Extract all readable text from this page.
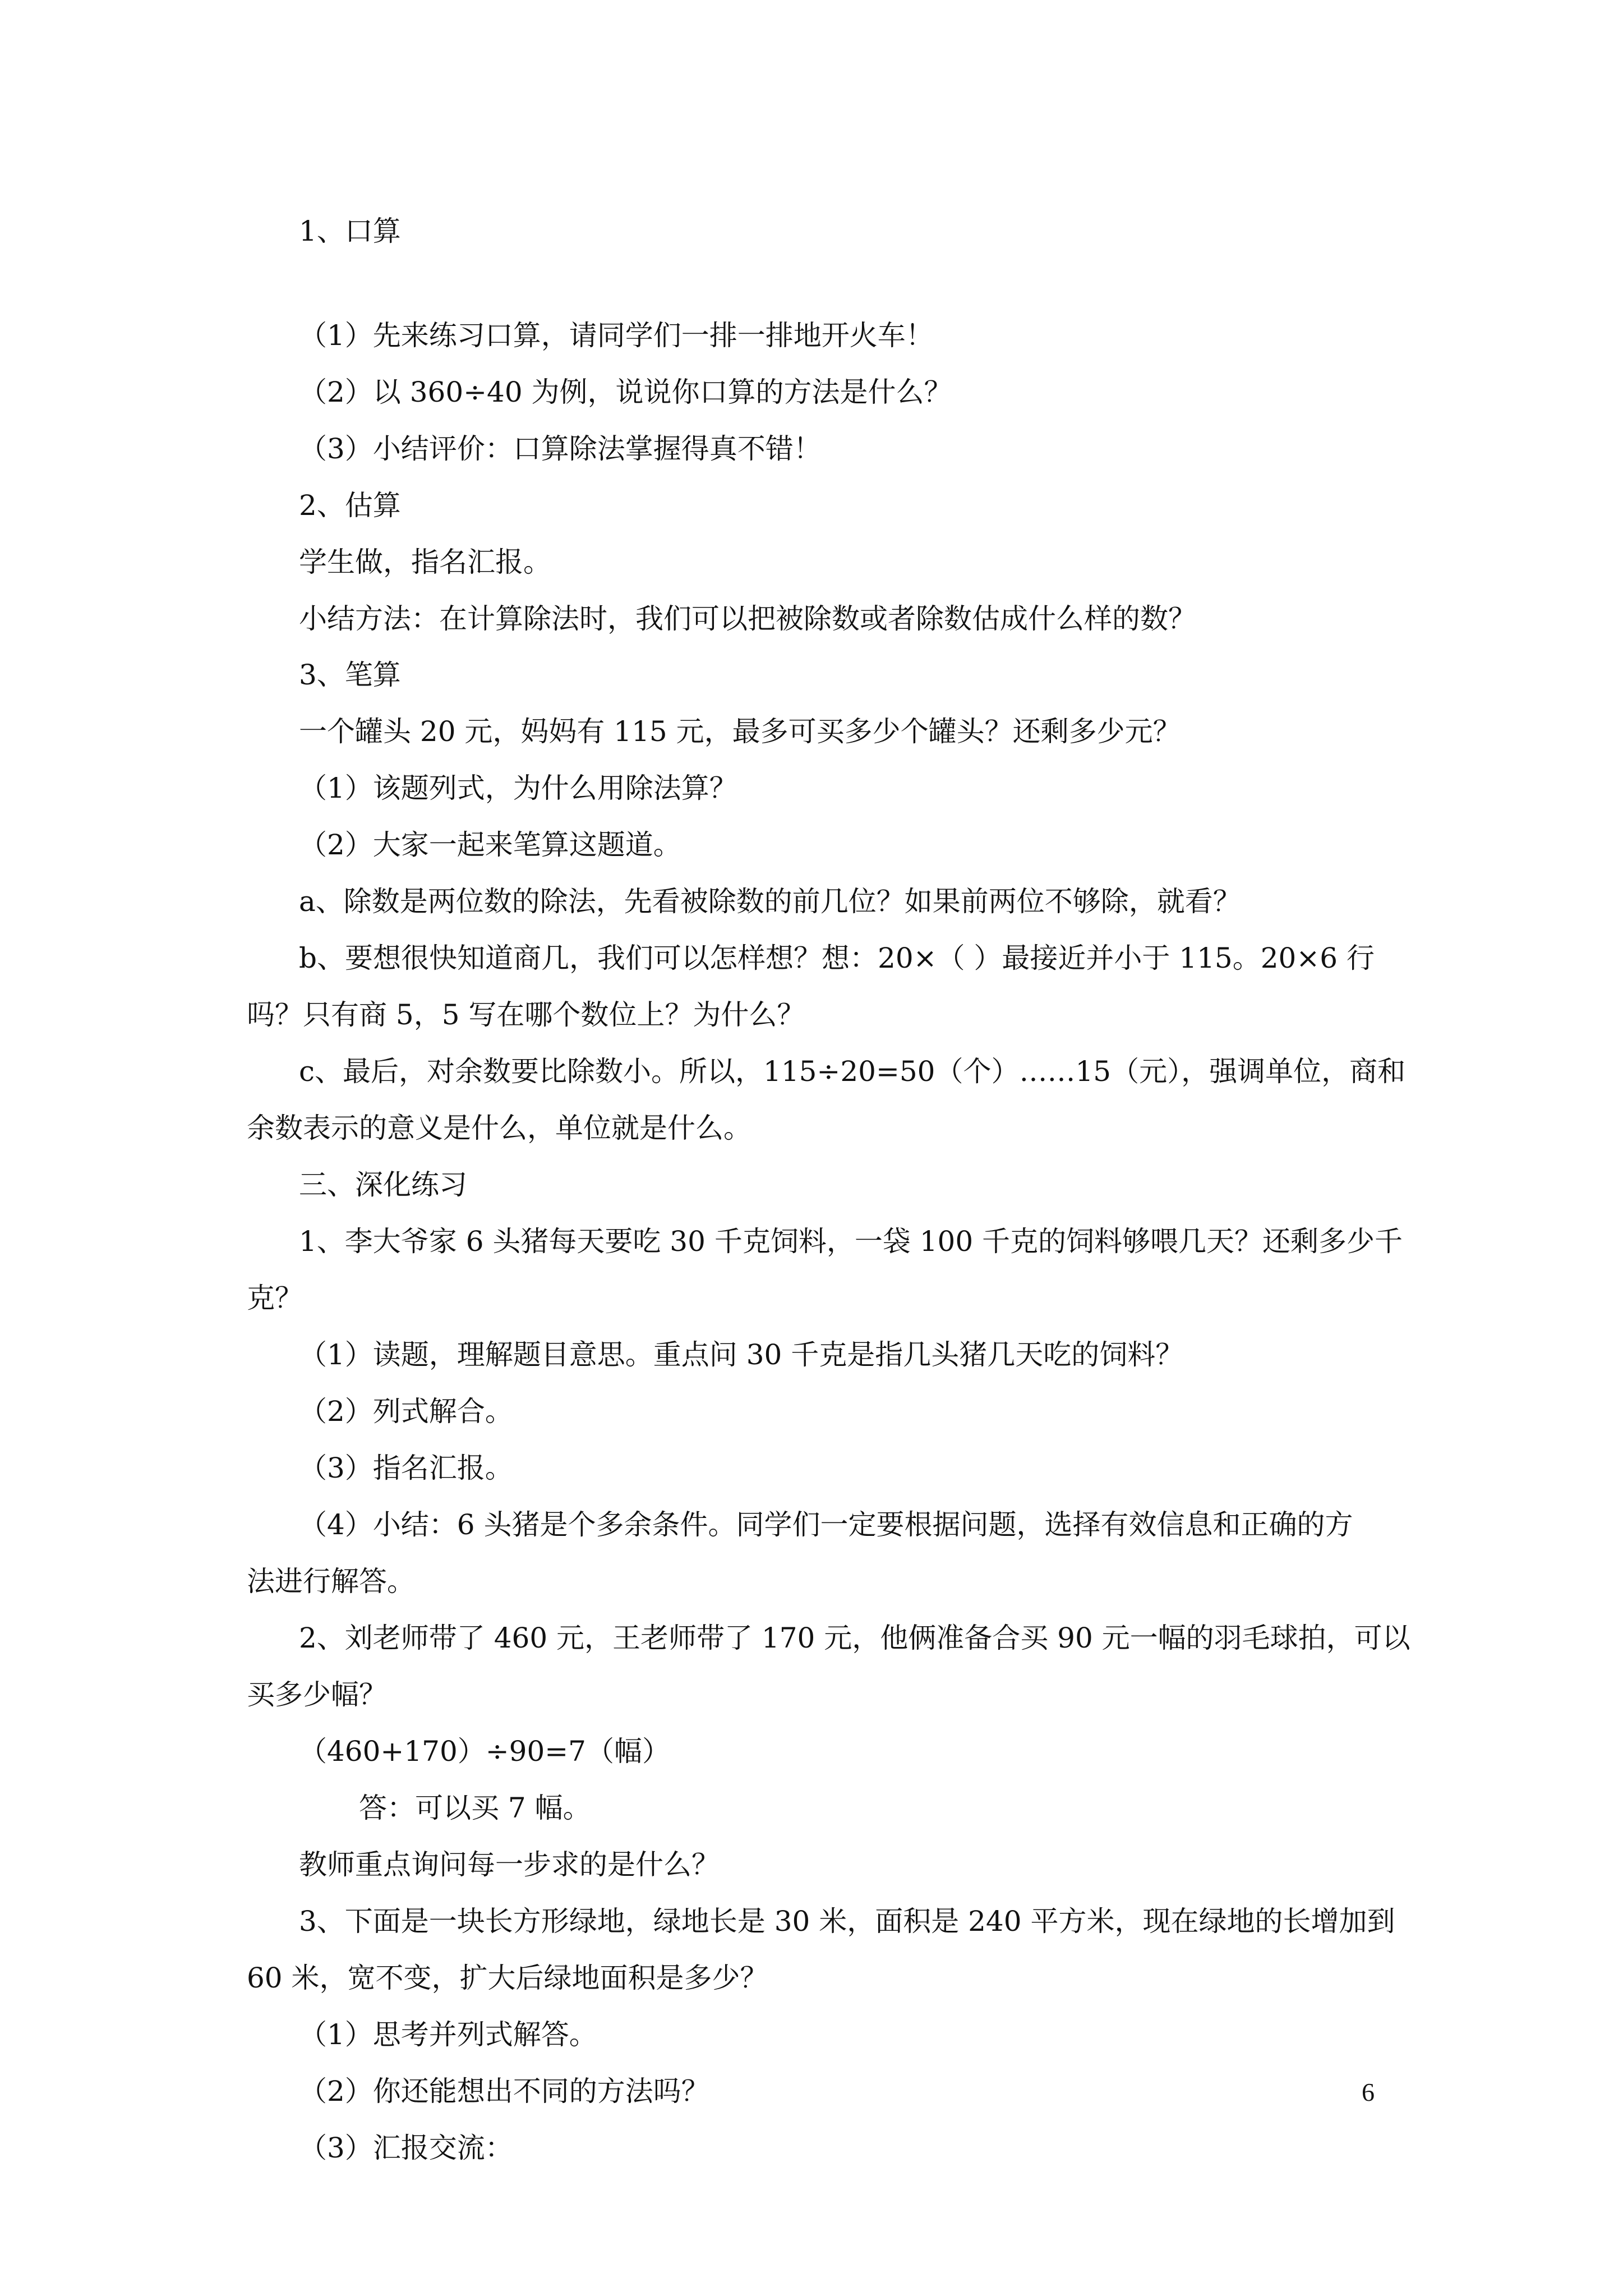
1、口算
（1）先来练习口算，请同学们一排一排地开火车！
（2）以 360÷40 为例，说说你口算的方法是什么？
（3）小结评价：口算除法掌握得真不错！
2、估算
学生做，指名汇报。
小结方法：在计算除法时，我们可以把被除数或者除数估成什么样的数？
3、笔算
一个罐头 20 元，妈妈有 115 元，最多可买多少个罐头？还剩多少元？
（1）该题列式，为什么用除法算？
（2）大家一起来笔算这题道。
a、除数是两位数的除法，先看被除数的前几位？如果前两位不够除，就看？
b、要想很快知道商几，我们可以怎样想？想：20×（ ）最接近并小于 115。20×6 行
吗？只有商 5，5 写在哪个数位上？为什么？
c、最后，对余数要比除数小。所以，115÷20=50（个）……15（元），强调单位，商和
余数表示的意义是什么，单位就是什么。
三、深化练习
1、李大爷家 6 头猪每天要吃 30 千克饲料，一袋 100 千克的饲料够喂几天？还剩多少千
克？
（1）读题，理解题目意思。重点问 30 千克是指几头猪几天吃的饲料？
（2）列式解合。
（3）指名汇报。
（4）小结：6 头猪是个多余条件。同学们一定要根据问题，选择有效信息和正确的方
法进行解答。
2、刘老师带了 460 元，王老师带了 170 元，他俩准备合买 90 元一幅的羽毛球拍，可以
买多少幅？
（460+170）÷90=7（幅）
答：可以买 7 幅。
教师重点询问每一步求的是什么？
3、下面是一块长方形绿地，绿地长是 30 米，面积是 240 平方米，现在绿地的长增加到
60 米，宽不变，扩大后绿地面积是多少？
（1）思考并列式解答。
（2）你还能想出不同的方法吗？
（3）汇报交流：
6
